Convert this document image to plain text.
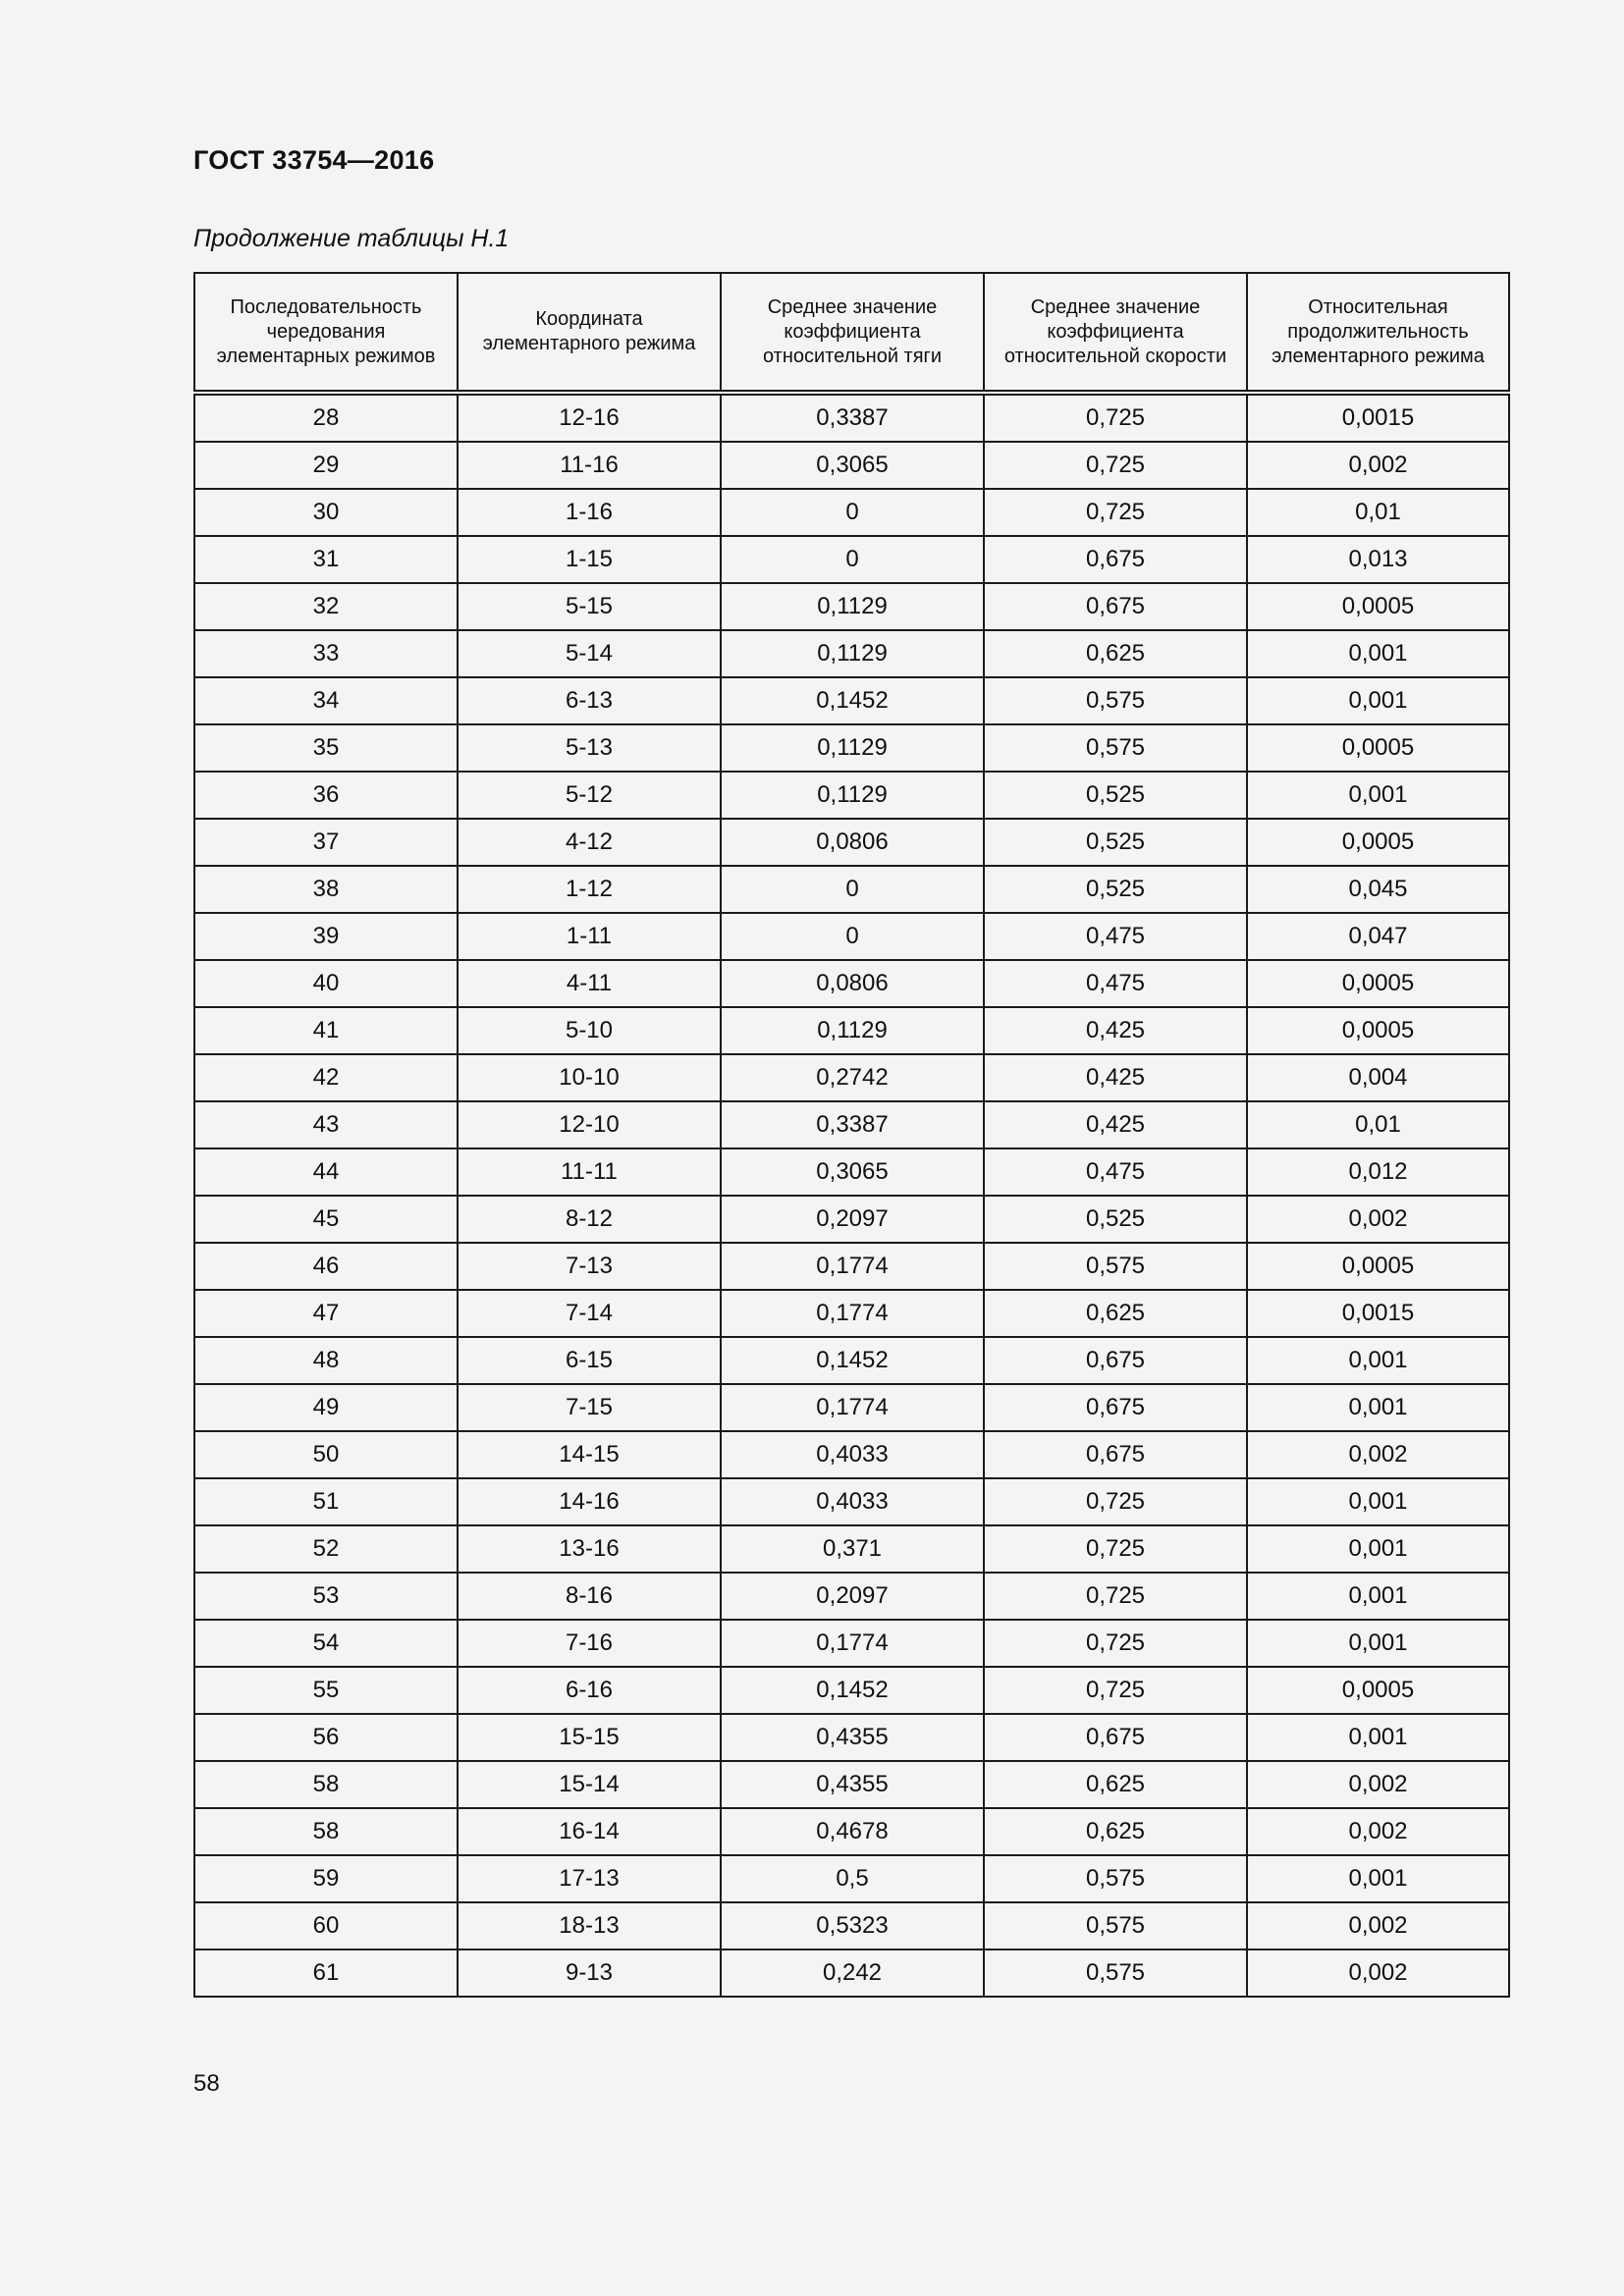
ГОСТ 33754—2016
Продолжение таблицы Н.1
Последовательность чередования элементарных режимов	Координата элементарного режима	Среднее значение коэффициента относительной тяги	Среднее значение коэффициента относительной скорости	Относительная продолжительность элементарного режима
28	12-16	0,3387	0,725	0,0015
29	11-16	0,3065	0,725	0,002
30	1-16	0	0,725	0,01
31	1-15	0	0,675	0,013
32	5-15	0,1129	0,675	0,0005
33	5-14	0,1129	0,625	0,001
34	6-13	0,1452	0,575	0,001
35	5-13	0,1129	0,575	0,0005
36	5-12	0,1129	0,525	0,001
37	4-12	0,0806	0,525	0,0005
38	1-12	0	0,525	0,045
39	1-11	0	0,475	0,047
40	4-11	0,0806	0,475	0,0005
41	5-10	0,1129	0,425	0,0005
42	10-10	0,2742	0,425	0,004
43	12-10	0,3387	0,425	0,01
44	11-11	0,3065	0,475	0,012
45	8-12	0,2097	0,525	0,002
46	7-13	0,1774	0,575	0,0005
47	7-14	0,1774	0,625	0,0015
48	6-15	0,1452	0,675	0,001
49	7-15	0,1774	0,675	0,001
50	14-15	0,4033	0,675	0,002
51	14-16	0,4033	0,725	0,001
52	13-16	0,371	0,725	0,001
53	8-16	0,2097	0,725	0,001
54	7-16	0,1774	0,725	0,001
55	6-16	0,1452	0,725	0,0005
56	15-15	0,4355	0,675	0,001
58	15-14	0,4355	0,625	0,002
58	16-14	0,4678	0,625	0,002
59	17-13	0,5	0,575	0,001
60	18-13	0,5323	0,575	0,002
61	9-13	0,242	0,575	0,002
58
